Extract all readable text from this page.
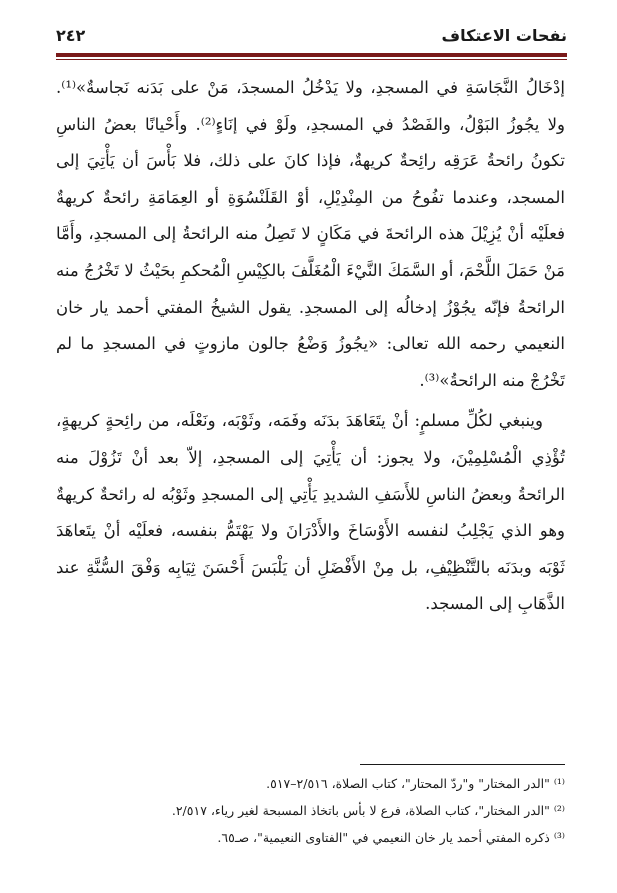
نفحات الاعتكاف
٢٤٢

إدْخَالُ النَّجَاسَةِ في المسجدِ، ولا يَدْخُلُ المسجدَ، مَنْ على بَدَنه نَجاسةٌ»⁽¹⁾. ولا يجُوزُ البَوْلُ، والفَصْدُ في المسجدِ، ولَوْ في إنَاءٍ⁽²⁾. وأَحْيانًا بعضُ الناسِ تكونُ رائحةُ عَرَقِه رائِحةٌ كريهةٌ، فإذا كانَ على ذلك، فلا بَأْسَ أن يَأْتِيَ إلى المسجد، وعندما تفُوحُ من المِنْدِيْلِ، أوْ القَلَنْسُوَةِ أو العِمَامَةِ رائحةٌ كريهةٌ فعلَيْه أنْ يُزِيْلَ هذه الرائحةَ في مَكَانٍ لا تَصِلُ منه الرائحةُ إلى المسجدِ، وأَمَّا مَنْ حَمَلَ اللَّحْمَ، أو السَّمَكَ النَّيْءَ الْمُغَلَّفَ بالكِيْسِ الْمُحكمِ بحَيْثُ لا تَخْرُجُ منه الرائحةُ فإنّه يجُوْزُ إدخالُه إلى المسجدِ. يقول الشيخُ المفتي أحمد يار خان النعيمي رحمه الله تعالى: «يجُوزُ وَضْعُ جالون مازوتٍ في المسجدِ ما لم تَخْرُجْ منه الرائحةُ»⁽³⁾.

وينبغي لكُلِّ مسلمٍ: أنْ يتَعَاهَدَ بدَنَه وفَمَه، وثَوْبَه، ونَعْلَه، من رائِحةٍ كريهةٍ، تُؤْذِي الْمُسْلِمِيْنَ، ولا يجوز: أن يَأْتِيَ إلى المسجدِ، إلاّ بعد أنْ تَزُوْلَ منه الرائحةُ وبعضُ الناسِ للأَسَفِ الشديدِ يَأْتِي إلى المسجدِ وثَوْبُه له رائحةٌ كريهةٌ وهو الذي يَجْلِبُ لنفسه الأَوْسَاخَ والأَدْرَانَ ولا يَهْتَمُّ بنفسه، فعلَيْه أنْ يتَعاهَدَ ثَوْبَه وبدَنَه بالتَّنْظِيْفِ، بل مِنْ الأَفْضَلِ أن يَلْبَسَ أَحْسَنَ ثِيَابِه وَفْقَ السُّنَّةِ عند الذَّهَابِ إلى المسجد.

⁽¹⁾ "الدر المختار" و"ردّ المحتار"، كتاب الصلاة، ٢/٥١٦–٥١٧.

⁽²⁾ "الدر المختار"، كتاب الصلاة، فرع لا بأس باتخاذ المسبحة لغير رياء، ٢/٥١٧.

⁽³⁾ ذكره المفتي أحمد يار خان النعيمي في "الفتاوى النعيمية"، صـ٦٥.
